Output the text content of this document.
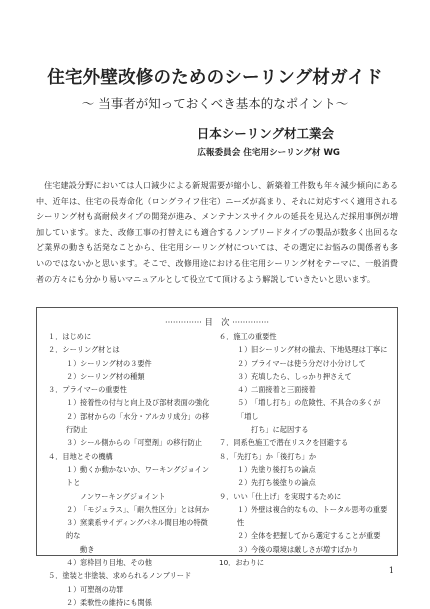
住宅外壁改修のためのシーリング材ガイド
〜 当事者が知っておくべき基本的なポイント〜
日本シーリング材工業会
広報委員会 住宅用シーリング材 WG

住宅建設分野においては人口減少による新規需要が縮小し、新築着工件数も年々減少傾向にある中、近年は、住宅の長寿命化（ロングライフ住宅）ニーズが高まり、それに対応すべく適用されるシーリング材も高耐候タイプの開発が進み、メンテナンスサイクルの延長を見込んだ採用事例が増加しています。また、改修工事の打替えにも適合するノンブリードタイプの製品が数多く出回るなど業界の動きも活発なことから、住宅用シーリング材については、その選定にお悩みの関係者も多いのではないかと思います。そこで、改修用途における住宅用シーリング材をテーマに、一般消費者の方々にも分かり易いマニュアルとして役立てて頂けるよう解説していきたいと思います。

·············· 目　次 ··············
１．はじめに
２．シーリング材とは
１）シーリング材の３要件
２）シーリング材の種類
３．プライマーの重要性
１）接着性の付与と向上及び部材表面の強化
２）部材からの「水分・アルカリ成分」の移行防止
３）シール側からの「可塑剤」の移行防止
４．目地とその機構
１）動くか動かないか、ワーキングジョイントと
ノンワーキングジョイント
２）「モジュラス」、「耐久性区分」とは何か
３）窯業系サイディングパネル間目地の特徴的な
動き
４）窓枠回り目地、その他
５．塗装と非塗装、求められるノンブリード
１）可塑剤の功罪
２）柔軟性の維持にも関係
６．施工の重要性
１）旧シーリング材の撤去、下地処理は丁寧に
２）プライマーは使う分だけ小分けして
３）充填したら、しっかり押さえて
４）二面接着と三面接着
５）「増し打ち」の危険性、不具合の多くが「増し
打ち」に起因する
７．同系色施工で潜在リスクを回避する
８．「先打ち」か「後打ち」か
１）先塗り後打ちの論点
２）先打ち後塗りの論点
９．いい「仕上げ」を実現するために
１）外壁は複合的なもの、トータル思考の重要性
２）全体を把握してから選定することが重要
３）今後の環境は厳しさが増すばかり
10．おわりに
1
